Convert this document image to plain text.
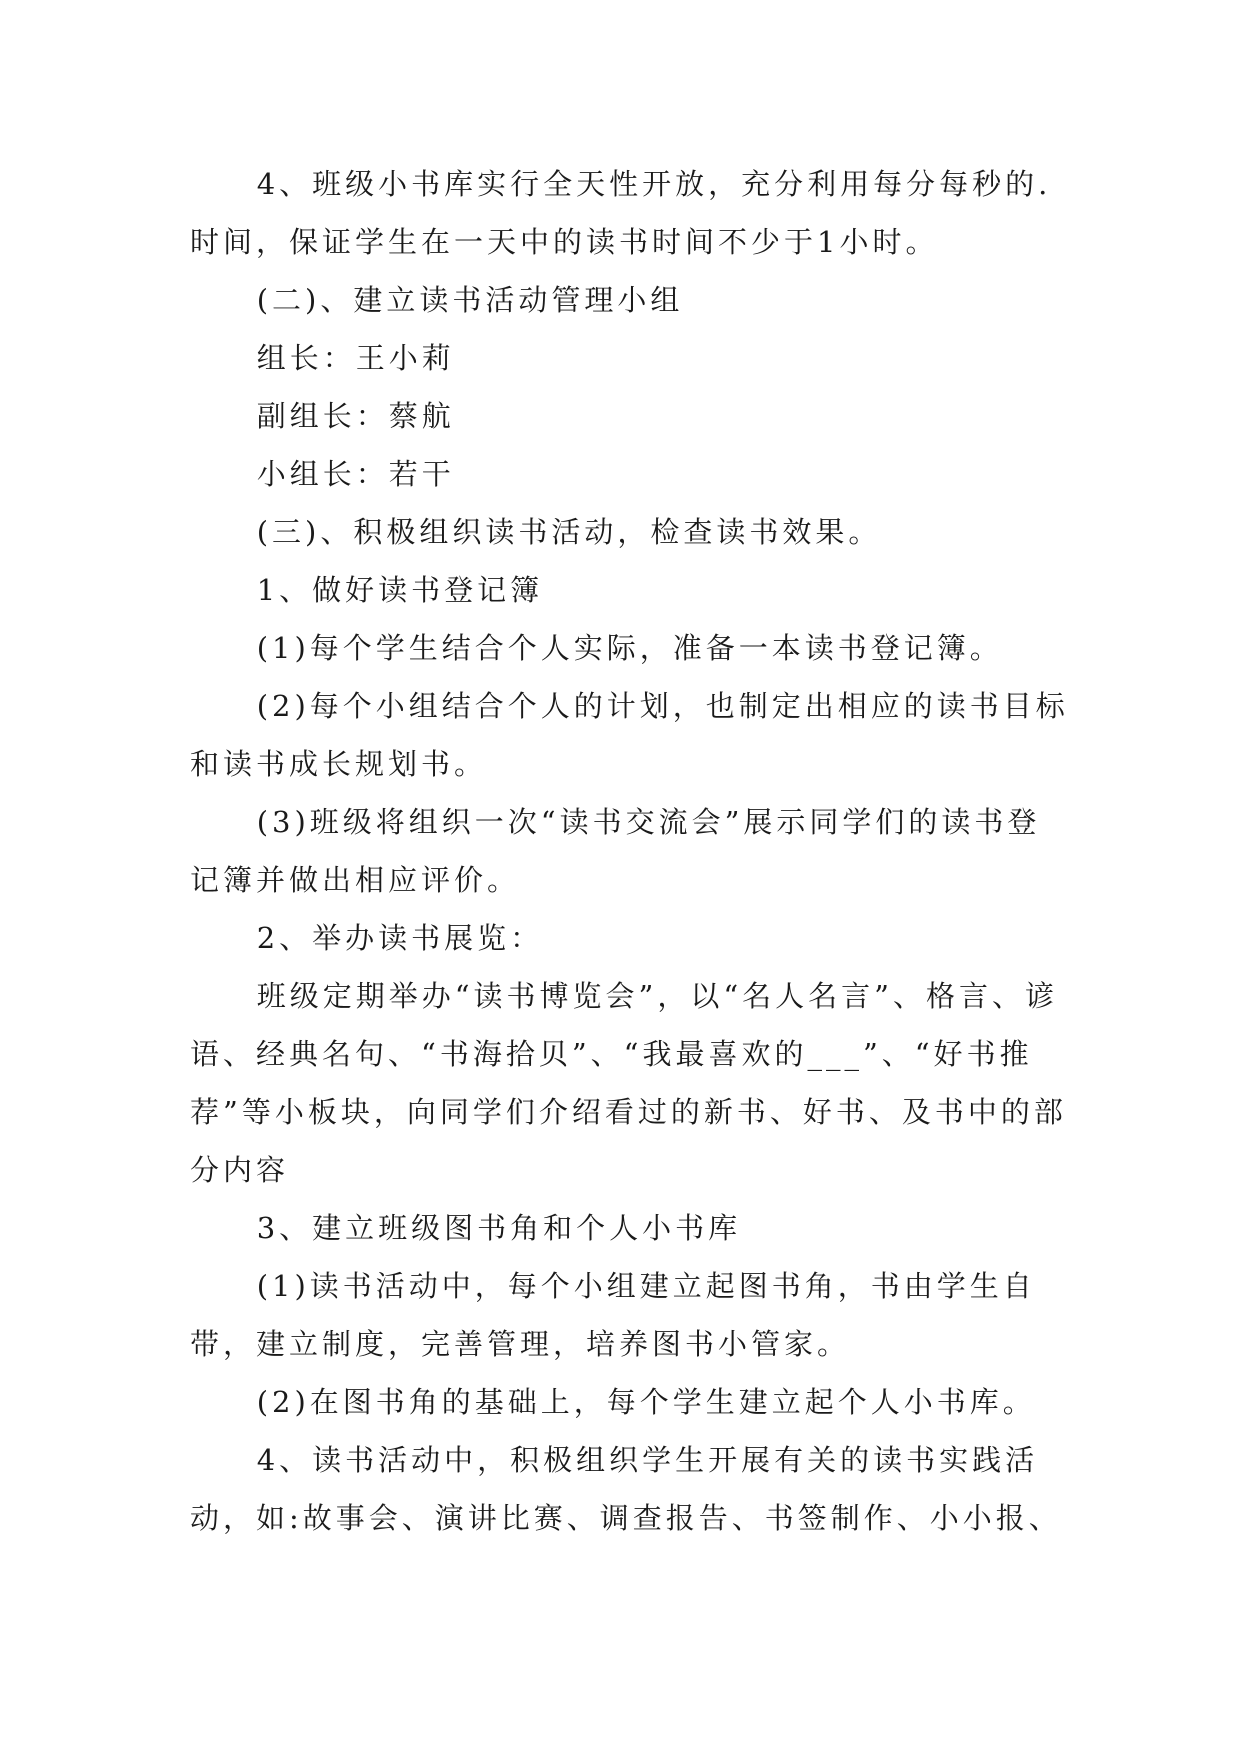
4、班级小书库实行全天性开放，充分利用每分每秒的.时间，保证学生在一天中的读书时间不少于1小时。

(二)、建立读书活动管理小组

组长：王小莉

副组长：蔡航

小组长：若干

(三)、积极组织读书活动，检查读书效果。

1、做好读书登记簿

(1)每个学生结合个人实际，准备一本读书登记簿。

(2)每个小组结合个人的计划，也制定出相应的读书目标和读书成长规划书。

(3)班级将组织一次“读书交流会”展示同学们的读书登记簿并做出相应评价。

2、举办读书展览：

班级定期举办“读书博览会”，以“名人名言”、格言、谚语、经典名句、“书海拾贝”、“我最喜欢的___”、“好书推荐”等小板块，向同学们介绍看过的新书、好书、及书中的部分内容

3、建立班级图书角和个人小书库

(1)读书活动中，每个小组建立起图书角，书由学生自带，建立制度，完善管理，培养图书小管家。

(2)在图书角的基础上，每个学生建立起个人小书库。

4、读书活动中，积极组织学生开展有关的读书实践活动，如:故事会、演讲比赛、调查报告、书签制作、小小报、
